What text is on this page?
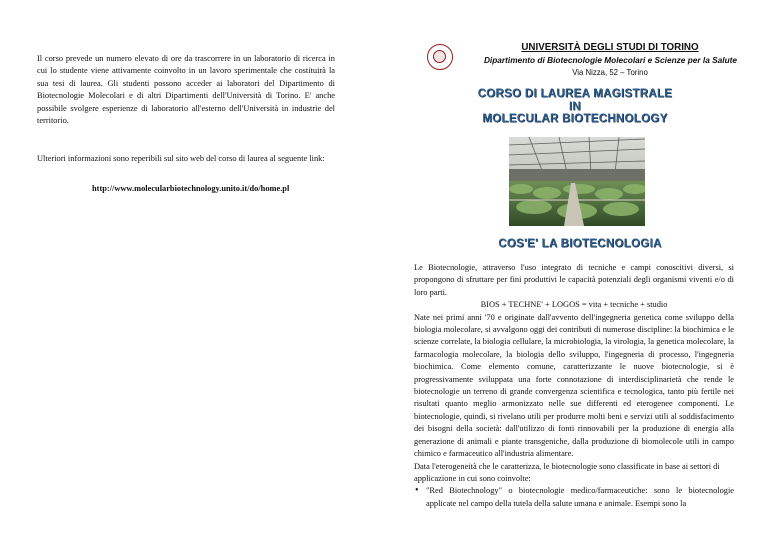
Il corso prevede un numero elevato di ore da trascorrere in un laboratorio di ricerca in cui lo studente viene attivamente coinvolto in un lavoro sperimentale che costituirà la sua tesi di laurea. Gli studenti possono acceder ai laboratori del Dipartimento di Biotecnologie Molecolari e di altri Dipartimenti dell'Università di Torino. E' anche possibile svolgere esperienze di laboratorio all'esterno dell'Università in industrie del territorio.

Ulteriori informazioni sono reperibili sul sito web del corso di laurea al seguente link:
http://www.molecularbiotechnology.unito.it/do/home.pl
UNIVERSITÀ DEGLI STUDI DI TORINO
Dipartimento di Biotecnologie Molecolari e Scienze per la Salute
Via Nizza, 52 – Torino
CORSO DI LAUREA MAGISTRALE
IN
MOLECULAR BIOTECHNOLOGY
COS'E' LA BIOTECNOLOGIA

Le Biotecnologie, attraverso l'uso integrato di tecniche e campi conoscitivi diversi, si propongono di sfruttare per fini produttivi le capacità potenziali degli organismi viventi e/o di loro parti.

BIOS + TECHNE' + LOGOS = vita + tecniche + studio

Nate nei primi anni '70 e originate dall'avvento dell'ingegneria genetica come sviluppo della biologia molecolare, si avvalgono oggi dei contributi di numerose discipline: la biochimica e le scienze correlate, la biologia cellulare, la microbiologia, la virologia, la genetica molecolare, la farmacologia molecolare, la biologia dello sviluppo, l'ingegneria di processo, l'ingegneria biochimica. Come elemento comune, caratterizzante le nuove biotecnologie, si è progressivamente sviluppata una forte connotazione di interdisciplinarietà che rende le biotecnologie un terreno di grande convergenza scientifica e tecnologica, tanto più fertile nei risultati quanto meglio armonizzato nelle sue differenti ed eterogenee componenti. Le biotecnologie, quindi, si rivelano utili per produrre molti beni e servizi utili al soddisfacimento dei bisogni della società: dall'utilizzo di fonti rinnovabili per la produzione di energia alla generazione di animali e piante transgeniche, dalla produzione di biomolecole utili in campo chimico e farmaceutico all'industria alimentare.

Data l'eterogeneità che le caratterizza, le biotecnologie sono classificate in base ai settori di applicazione in cui sono coinvolte:

• "Red Biotechnology" o biotecnologie medico/farmaceutiche: sono le biotecnologie applicate nel campo della tutela della salute umana e animale. Esempi sono la
